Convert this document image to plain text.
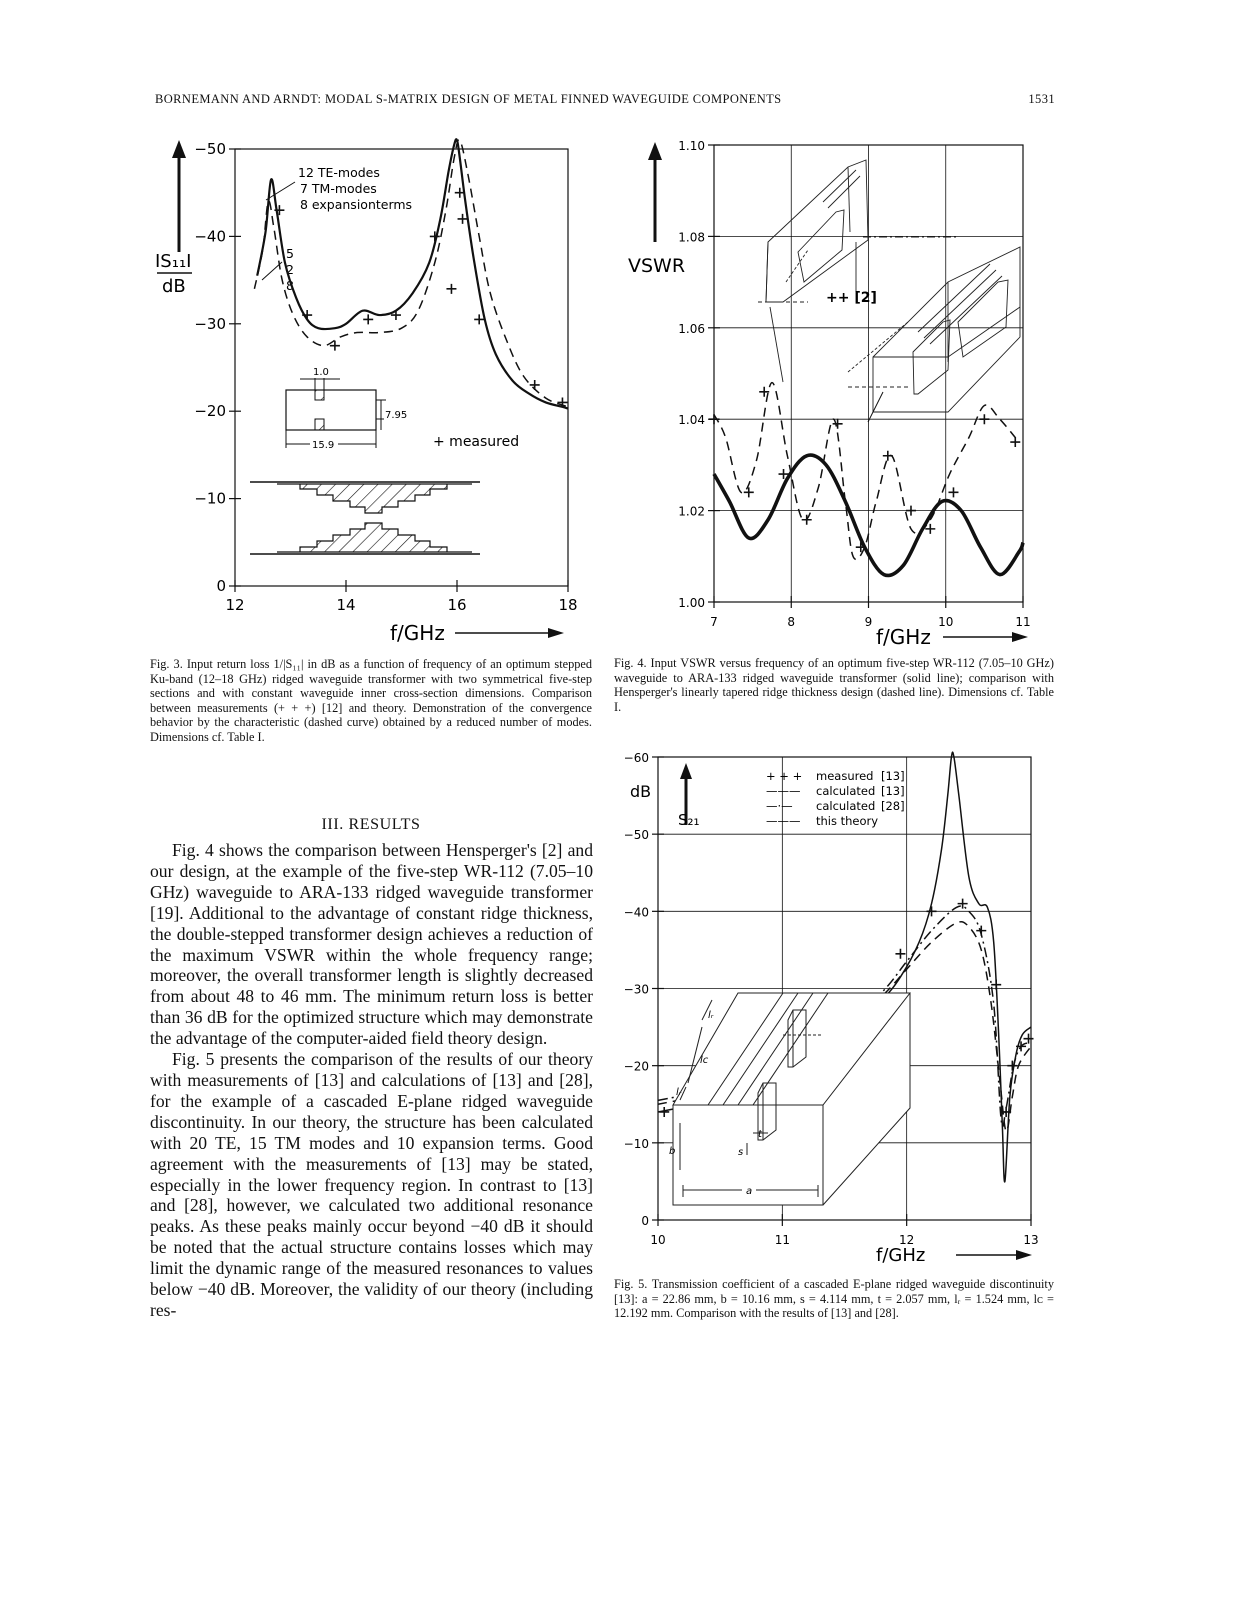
BORNEMANN AND ARNDT: MODAL S-MATRIX DESIGN OF METAL FINNED WAVEGUIDE COMPONENTS	1531
IS₁₁I
dB
0
−10
−20
−30
−40
−50
12	14	16	18
12 TE-modes
7 TM-modes
8 expansionterms
5
2
8
1.0
7.95
15.9	+ measured
f/GHz
Fig. 3. Input return loss 1/|S₁₁| in dB as a function of frequency of an optimum stepped Ku-band (12–18 GHz) ridged waveguide transformer with two symmetrical five-step sections and with constant waveguide inner cross-section dimensions. Comparison between measurements (+ + +) [12] and theory. Demonstration of the convergence behavior by the characteristic (dashed curve) obtained by a reduced number of modes. Dimensions cf. Table I.
VSWR
1.00
1.02
1.04
1.06
1.08
1.10
7	8	9	10	11
++ [2]
f/GHz
Fig. 4. Input VSWR versus frequency of an optimum five-step WR-112 (7.05–10 GHz) waveguide to ARA-133 ridged waveguide transformer (solid line); comparison with Hensperger's linearly tapered ridge thickness design (dashed line). Dimensions cf. Table I.
0
−10
−20
−30
−40
−50
−60
10	11	12	13
dB
S₂₁
+ + + measured [13]
——— calculated [13]
—·— calculated [28]
——— this theory
lᵣ
lᴄ
lᵣ
b	s
t
a
f/GHz
Fig. 5. Transmission coefficient of a cascaded E-plane ridged waveguide discontinuity [13]: a = 22.86 mm, b = 10.16 mm, s = 4.114 mm, t = 2.057 mm, lᵣ = 1.524 mm, lᴄ = 12.192 mm. Comparison with the results of [13] and [28].
III. RESULTS

Fig. 4 shows the comparison between Hensperger's [2] and our design, at the example of the five-step WR-112 (7.05–10 GHz) waveguide to ARA-133 ridged waveguide transformer [19]. Additional to the advantage of constant ridge thickness, the double-stepped transformer design achieves a reduction of the maximum VSWR within the whole frequency range; moreover, the overall transformer length is slightly decreased from about 48 to 46 mm. The minimum return loss is better than 36 dB for the optimized structure which may demonstrate the advantage of the computer-aided field theory design.

Fig. 5 presents the comparison of the results of our theory with measurements of [13] and calculations of [13] and [28], for the example of a cascaded E-plane ridged waveguide discontinuity. In our theory, the structure has been calculated with 20 TE, 15 TM modes and 10 expansion terms. Good agreement with the measurements of [13] may be stated, especially in the lower frequency region. In contrast to [13] and [28], however, we calculated two additional resonance peaks. As these peaks mainly occur beyond −40 dB it should be noted that the actual structure contains losses which may limit the dynamic range of the measured resonances to values below −40 dB. Moreover, the validity of our theory (including res-
